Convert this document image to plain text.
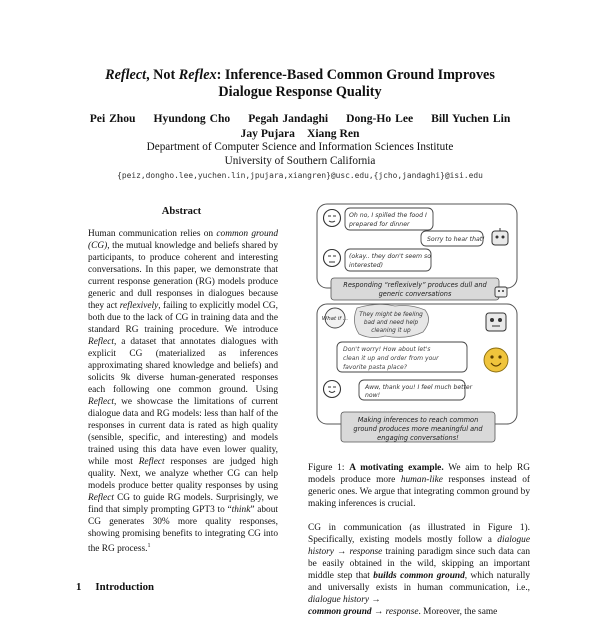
Reflect, Not Reflex: Inference-Based Common Ground Improves
Dialogue Response Quality
Pei Zhou Hyundong Cho Pegah Jandaghi Dong-Ho Lee Bill Yuchen Lin
Jay Pujara Xiang Ren
Department of Computer Science and Information Sciences Institute
University of Southern California
{peiz,dongho.lee,yuchen.lin,jpujara,xiangren}@usc.edu,{jcho,jandaghi}@isi.edu
Abstract

Human communication relies on common ground (CG), the mutual knowledge and beliefs shared by participants, to produce coherent and interesting conversations. In this paper, we demonstrate that current response generation (RG) models produce generic and dull responses in dialogues because they act reflexively, failing to explicitly model CG, both due to the lack of CG in training data and the standard RG training procedure. We introduce Reflect, a dataset that annotates dialogues with explicit CG (materialized as inferences approximating shared knowledge and beliefs) and solicits 9k diverse human-generated responses each following one common ground. Using Reflect, we showcase the limitations of current dialogue data and RG models: less than half of the responses in current data is rated as high quality (sensible, specific, and interesting) and models trained using this data have even lower quality, while most Reflect responses are judged high quality. Next, we analyze whether CG can help models produce better quality responses by using Reflect CG to guide RG models. Surprisingly, we find that simply prompting GPT3 to “think” about CG generates 30% more quality responses, showing promising benefits to integrating CG into the RG process.$^1$

1 Introduction
Oh no, I spilled the food I
prepared for dinner
Sorry to hear that!
(okay.. they don't seem so
interested)
Responding “reflexively” produces dull and
generic conversations
What if ...
They might be feeling
bad and need help
cleaning it up
Don't worry! How about let's
clean it up and order from your
favorite pasta place?
Aww, thank you! I feel much better
now!
Making inferences to reach common
ground produces more meaningful and
engaging conversations!
Figure 1: A motivating example. We aim to help RG models produce more human-like responses instead of generic ones. We argue that integrating common ground by making inferences is crucial.
CG in communication (as illustrated in Figure 1). Specifically, existing models mostly follow a dialogue history → response training paradigm since such data can be easily obtained in the wild, skipping an important middle step that builds common ground, which naturally and universally exists in human communication, i.e., dialogue history →
common ground → response. Moreover, the same
